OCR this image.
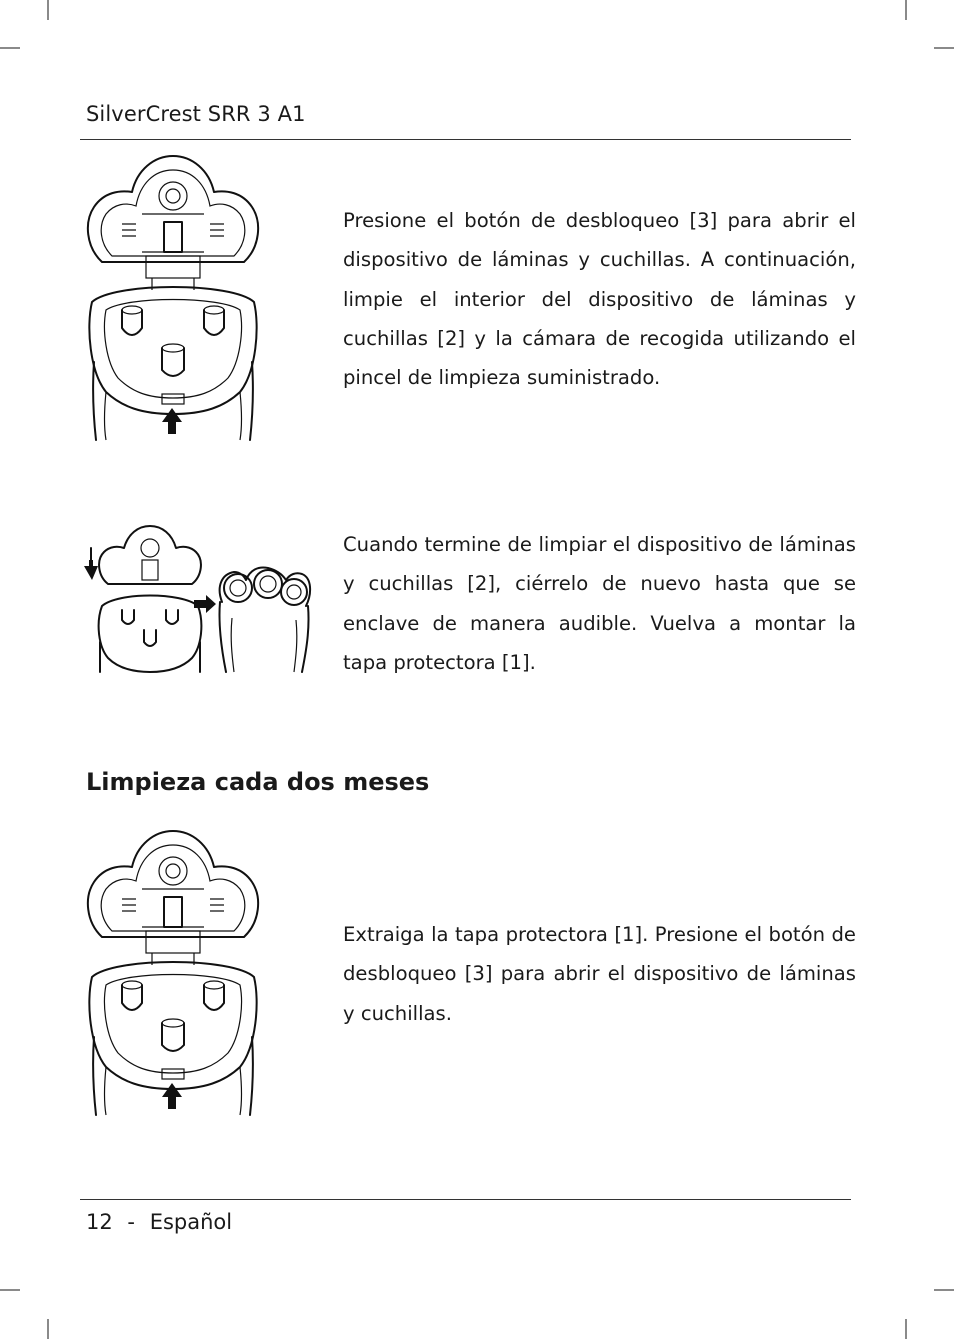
SilverCrest SRR 3 A1

Presione el botón de desbloqueo [3] para abrir el dispositivo de láminas y cuchillas. A continuación, limpie el interior del dispositivo de láminas y cuchillas [2] y la cámara de recogida utilizando el pincel de limpieza suministrado.

Cuando termine de limpiar el dispositivo de láminas y cuchillas [2], ciérrelo de nuevo hasta que se enclave de manera audible. Vuelva a montar la tapa protectora [1].

Limpieza cada dos meses

Extraiga la tapa protectora [1]. Presione el botón de desbloqueo [3] para abrir el dispositivo de láminas y cuchillas.

12 - Español
